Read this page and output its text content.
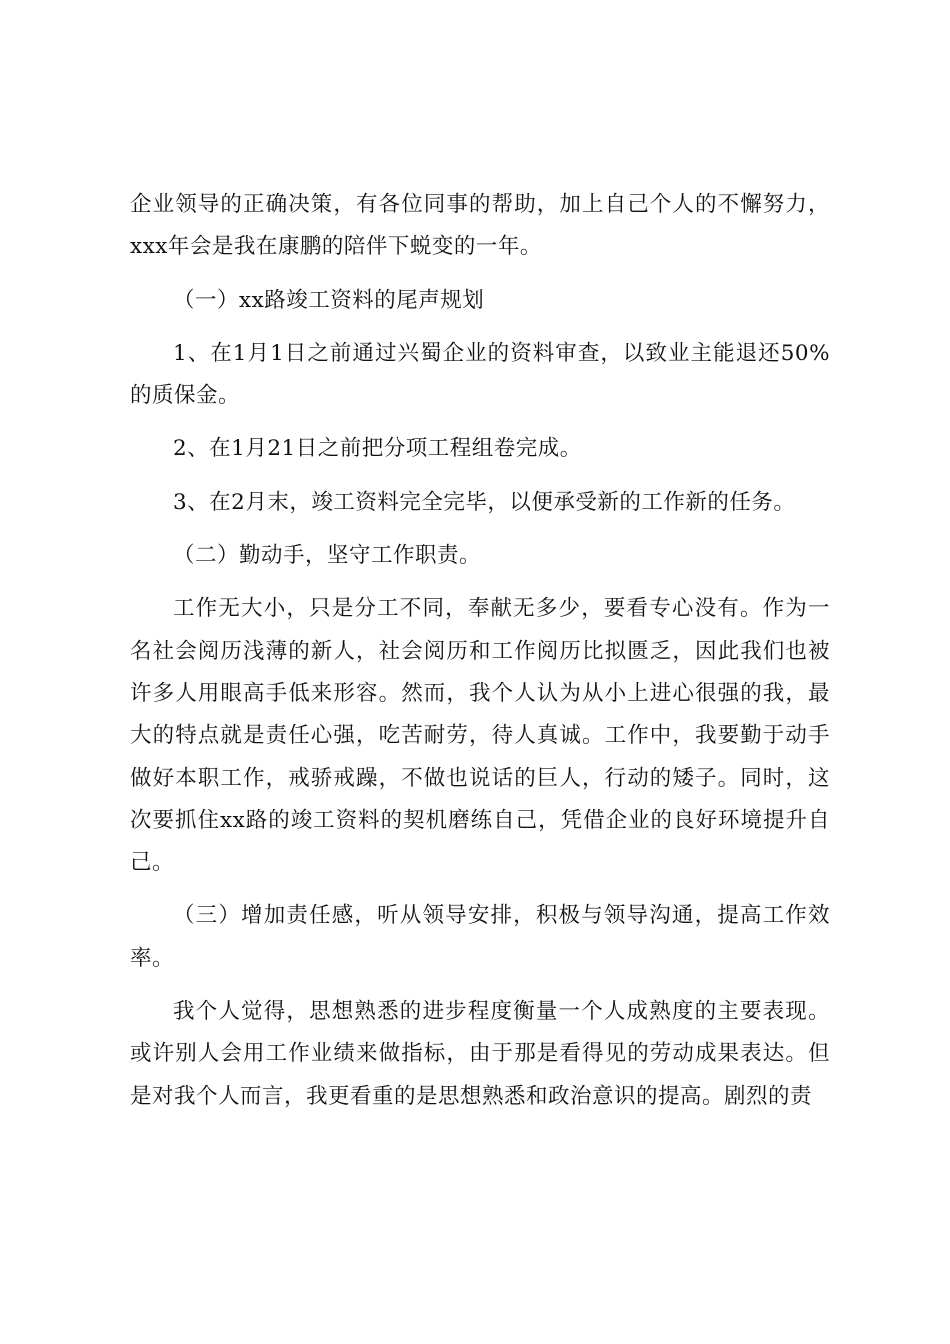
企业领导的正确决策，有各位同事的帮助，加上自己个人的不懈努力，xxx年会是我在康鹏的陪伴下蜕变的一年。

（一）xx路竣工资料的尾声规划

1、在1月1日之前通过兴蜀企业的资料审查，以致业主能退还50%的质保金。

2、在1月21日之前把分项工程组卷完成。

3、在2月末，竣工资料完全完毕，以便承受新的工作新的任务。

（二）勤动手，坚守工作职责。

工作无大小，只是分工不同，奉献无多少，要看专心没有。作为一名社会阅历浅薄的新人，社会阅历和工作阅历比拟匮乏，因此我们也被许多人用眼高手低来形容。然而，我个人认为从小上进心很强的我，最大的特点就是责任心强，吃苦耐劳，待人真诚。工作中，我要勤于动手做好本职工作，戒骄戒躁，不做也说话的巨人，行动的矮子。同时，这次要抓住xx路的竣工资料的契机磨练自己，凭借企业的良好环境提升自己。

（三）增加责任感，听从领导安排，积极与领导沟通，提高工作效率。

我个人觉得，思想熟悉的进步程度衡量一个人成熟度的主要表现。或许别人会用工作业绩来做指标，由于那是看得见的劳动成果表达。但是对我个人而言，我更看重的是思想熟悉和政治意识的提高。剧烈的责
